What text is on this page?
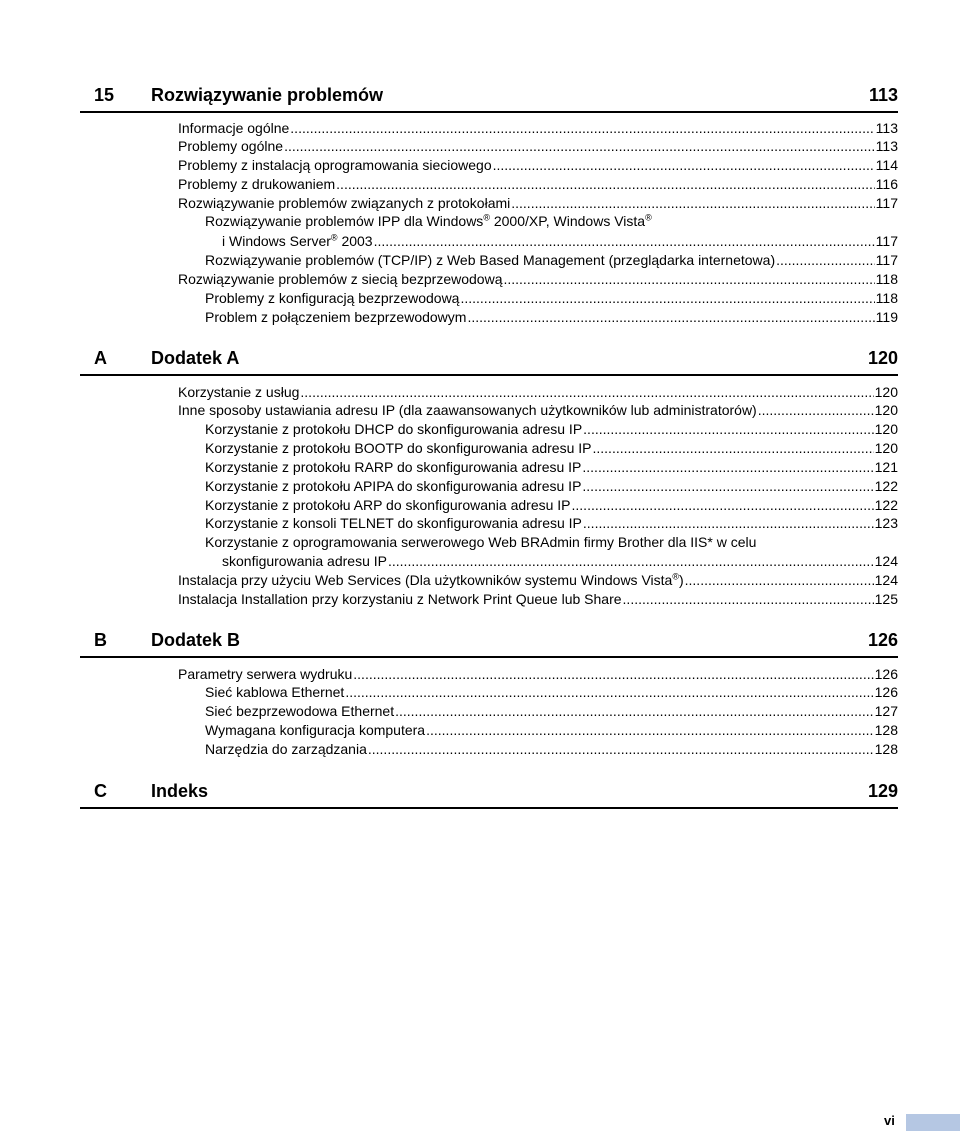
15 Rozwiązywanie problemów	113
A Dodatek A	120
B Dodatek B	126
C Indeks	129
Informacje ogólne .....	113
Problemy ogólne .....	113
Problemy z instalacją oprogramowania sieciowego .....	114
Problemy z drukowaniem .....	116
Rozwiązywanie problemów związanych z protokołami .....	117
Rozwiązywanie problemów IPP dla Windows® 2000/XP, Windows Vista®
i Windows Server® 2003 .....	117
Rozwiązywanie problemów (TCP/IP) z Web Based Management (przeglądarka internetowa) .....	117
Rozwiązywanie problemów z siecią bezprzewodową .....	118
Problemy z konfiguracją bezprzewodową .....	118
Problem z połączeniem bezprzewodowym .....	119
Korzystanie z usług .....	120
Inne sposoby ustawiania adresu IP (dla zaawansowanych użytkowników lub administratorów) .....	120
Korzystanie z protokołu DHCP do skonfigurowania adresu IP .....	120
Korzystanie z protokołu BOOTP do skonfigurowania adresu IP .....	120
Korzystanie z protokołu RARP do skonfigurowania adresu IP .....	121
Korzystanie z protokołu APIPA do skonfigurowania adresu IP .....	122
Korzystanie z protokołu ARP do skonfigurowania adresu IP .....	122
Korzystanie z konsoli TELNET do skonfigurowania adresu IP .....	123
Korzystanie z oprogramowania serwerowego Web BRAdmin firmy Brother dla IIS* w celu
skonfigurowania adresu IP .....	124
Instalacja przy użyciu Web Services (Dla użytkowników systemu Windows Vista®) .....	124
Instalacja Installation przy korzystaniu z Network Print Queue lub Share .....	125
Parametry serwera wydruku .....	126
Sieć kablowa Ethernet .....	126
Sieć bezprzewodowa Ethernet .....	127
Wymagana konfiguracja komputera .....	128
Narzędzia do zarządzania .....	128
vi
